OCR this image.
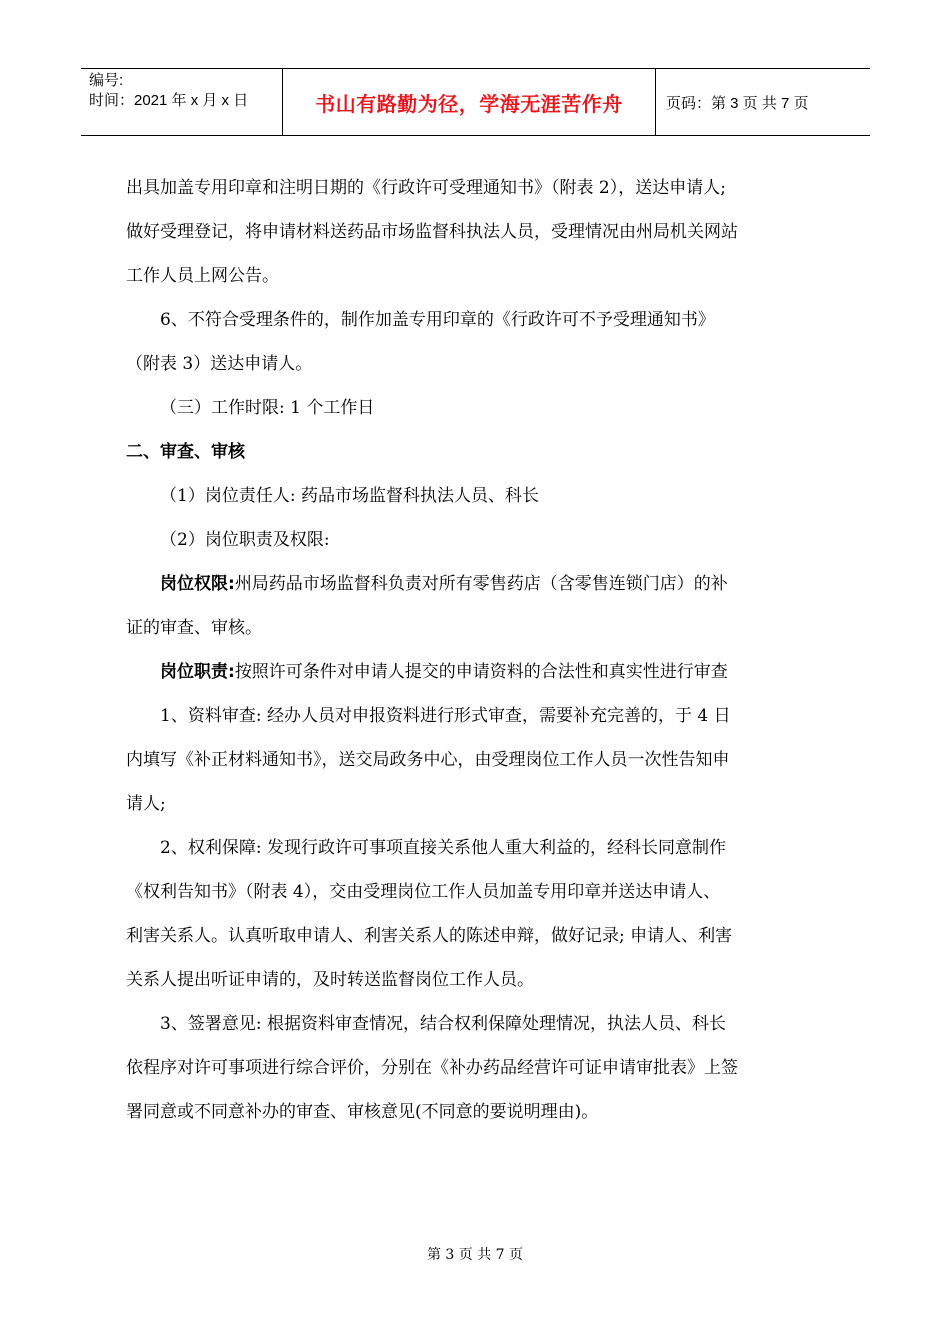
编号:
时间：2021 年 x 月 x 日	书山有路勤为径，学海无涯苦作舟	页码：第 3 页 共 7 页

出具加盖专用印章和注明日期的《行政许可受理通知书》（附表 2），送达申请人;
做好受理登记，将申请材料送药品市场监督科执法人员，受理情况由州局机关网站
工作人员上网公告。

6、不符合受理条件的，制作加盖专用印章的《行政许可不予受理通知书》
（附表 3）送达申请人。

（三）工作时限: 1 个工作日

二、审查、审核

（1）岗位责任人: 药品市场监督科执法人员、科长

（2）岗位职责及权限:

岗位权限:州局药品市场监督科负责对所有零售药店（含零售连锁门店）的补
证的审查、审核。

岗位职责:按照许可条件对申请人提交的申请资料的合法性和真实性进行审查

1、资料审查: 经办人员对申报资料进行形式审查，需要补充完善的，于 4 日
内填写《补正材料通知书》，送交局政务中心，由受理岗位工作人员一次性告知申
请人;

2、权利保障: 发现行政许可事项直接关系他人重大利益的，经科长同意制作
《权利告知书》（附表 4），交由受理岗位工作人员加盖专用印章并送达申请人、
利害关系人。认真听取申请人、利害关系人的陈述申辩，做好记录; 申请人、利害
关系人提出听证申请的，及时转送监督岗位工作人员。

3、签署意见: 根据资料审查情况，结合权利保障处理情况，执法人员、科长
依程序对许可事项进行综合评价，分别在《补办药品经营许可证申请审批表》上签
署同意或不同意补办的审查、审核意见(不同意的要说明理由)。

第 3 页 共 7 页
